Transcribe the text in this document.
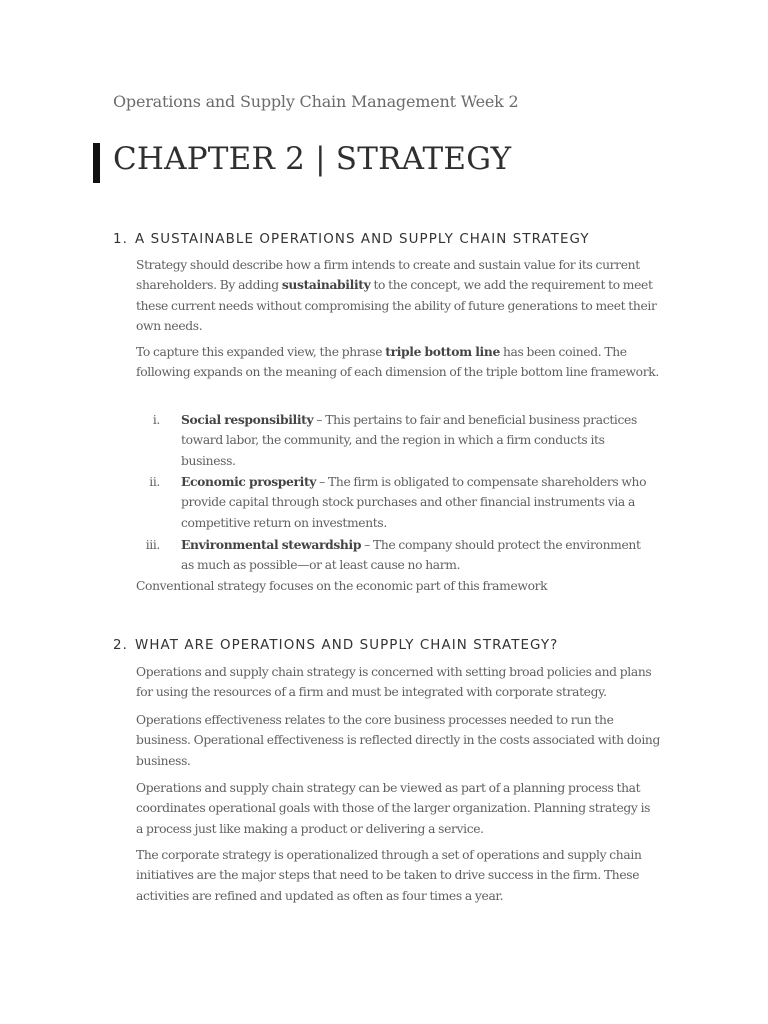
Operations and Supply Chain Management Week 2
CHAPTER 2 | STRATEGY
1. A SUSTAINABLE OPERATIONS AND SUPPLY CHAIN STRATEGY
Strategy should describe how a firm intends to create and sustain value for its current shareholders. By adding sustainability to the concept, we add the requirement to meet these current needs without compromising the ability of future generations to meet their own needs.
To capture this expanded view, the phrase triple bottom line has been coined. The following expands on the meaning of each dimension of the triple bottom line framework.
i. Social responsibility – This pertains to fair and beneficial business practices toward labor, the community, and the region in which a firm conducts its business.
ii. Economic prosperity – The firm is obligated to compensate shareholders who provide capital through stock purchases and other financial instruments via a competitive return on investments.
iii. Environmental stewardship – The company should protect the environment as much as possible—or at least cause no harm.
Conventional strategy focuses on the economic part of this framework
2. WHAT ARE OPERATIONS AND SUPPLY CHAIN STRATEGY?
Operations and supply chain strategy is concerned with setting broad policies and plans for using the resources of a firm and must be integrated with corporate strategy.
Operations effectiveness relates to the core business processes needed to run the business. Operational effectiveness is reflected directly in the costs associated with doing business.
Operations and supply chain strategy can be viewed as part of a planning process that coordinates operational goals with those of the larger organization. Planning strategy is a process just like making a product or delivering a service.
The corporate strategy is operationalized through a set of operations and supply chain initiatives are the major steps that need to be taken to drive success in the firm. These activities are refined and updated as often as four times a year.
